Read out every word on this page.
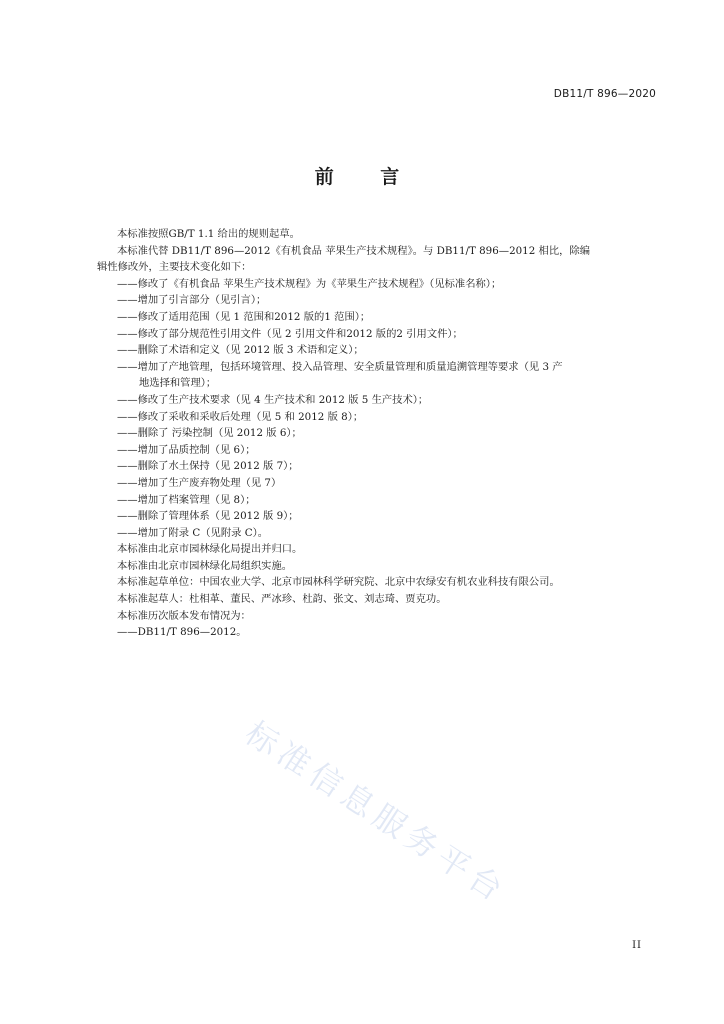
DB11/T 896—2020
前 言

本标准按照GB/T 1.1 给出的规则起草。

本标准代替 DB11/T 896—2012《有机食品 苹果生产技术规程》。与 DB11/T 896—2012 相比，除编

辑性修改外，主要技术变化如下：

——修改了《有机食品 苹果生产技术规程》为《苹果生产技术规程》（见标准名称）；

——增加了引言部分（见引言）；

——修改了适用范围（见 1 范围和2012 版的1 范围）；

——修改了部分规范性引用文件（见 2 引用文件和2012 版的2 引用文件）；

——删除了术语和定义（见 2012 版 3 术语和定义）；

——增加了产地管理，包括环境管理、投入品管理、安全质量管理和质量追溯管理等要求（见 3 产

地选择和管理）；

——修改了生产技术要求（见 4 生产技术和 2012 版 5 生产技术）；

——修改了采收和采收后处理（见 5 和 2012 版 8）；

——删除了 污染控制（见 2012 版 6）；

——增加了品质控制（见 6）；

——删除了水土保持（见 2012 版 7）；

——增加了生产废弃物处理（见 7）

——增加了档案管理（见 8）；

——删除了管理体系（见 2012 版 9）；

——增加了附录 C（见附录 C）。

本标准由北京市园林绿化局提出并归口。

本标准由北京市园林绿化局组织实施。

本标准起草单位：中国农业大学、北京市园林科学研究院、北京中农绿安有机农业科技有限公司。

本标准起草人：杜相革、董民、严冰珍、杜韵、张文、刘志琦、贾克功。

本标准历次版本发布情况为：

——DB11/T 896—2012。

标准信息服务平台
II
